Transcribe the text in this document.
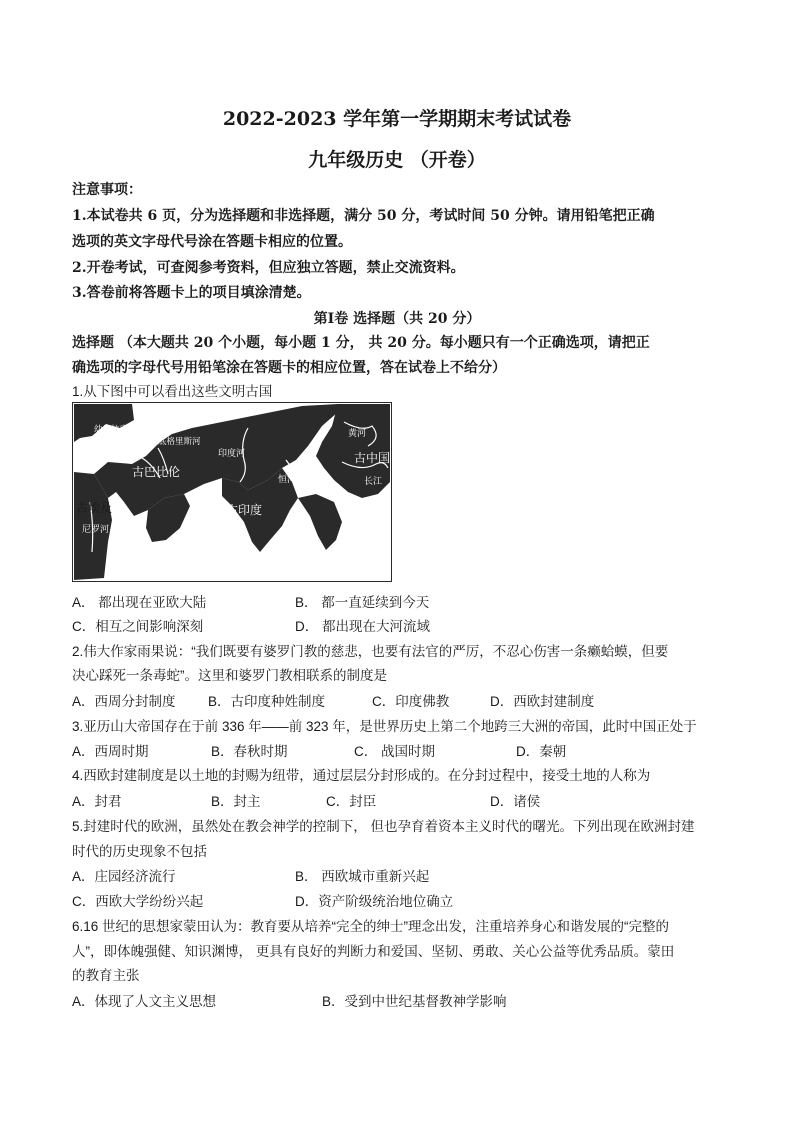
2022-2023 学年第一学期期末考试试卷
九年级历史 （开卷）
注意事项：
1.本试卷共 6 页，分为选择题和非选择题，满分 50 分，考试时间 50 分钟。请用铅笔把正确
选项的英文字母代号涂在答题卡相应的位置。
2.开卷考试，可查阅参考资料，但应独立答题，禁止交流资料。
3.答卷前将答题卡上的项目填涂清楚。
第Ⅰ卷 选择题（共 20 分）
选择题 （本大题共 20 个小题，每小题 1 分， 共 20 分。每小题只有一个正确选项，请把正
确选项的字母代号用铅笔涂在答题卡的相应位置，答在试卷上不给分）
1.从下图中可以看出这些文明古国
幼发拉底河
底格里斯河
古巴比伦
印度河
恒河
古印度
古埃及
尼罗河
黄河
古中国
长江
A． 都出现在亚欧大陆	B． 都一直延续到今天
C．相互之间影响深刻	D． 都出现在大河流域
2.伟大作家雨果说：“我们既要有婆罗门教的慈悲，也要有法官的严厉，不忍心伤害一条癞蛤蟆，但要
决心踩死一条毒蛇”。这里和婆罗门教相联系的制度是
A．西周分封制度 B．古印度种姓制度	C．印度佛教	D．西欧封建制度
3.亚历山大帝国存在于前 336 年——前 323 年，是世界历史上第二个地跨三大洲的帝国，此时中国正处于
A．西周时期	B．春秋时期	C． 战国时期	D．秦朝
4.西欧封建制度是以土地的封赐为纽带，通过层层分封形成的。在分封过程中，接受土地的人称为
A．封君	B．封主	C．封臣	D．诸侯
5.封建时代的欧洲，虽然处在教会神学的控制下， 但也孕育着资本主义时代的曙光。下列出现在欧洲封建
时代的历史现象不包括
A．庄园经济流行	B． 西欧城市重新兴起
C．西欧大学纷纷兴起	D．资产阶级统治地位确立
6.16 世纪的思想家蒙田认为：教育要从培养“完全的绅士”理念出发，注重培养身心和谐发展的“完整的
人”，即体魄强健、知识渊博， 更具有良好的判断力和爱国、坚韧、勇敢、关心公益等优秀品质。蒙田
的教育主张
A．体现了人文主义思想	B．受到中世纪基督教神学影响
